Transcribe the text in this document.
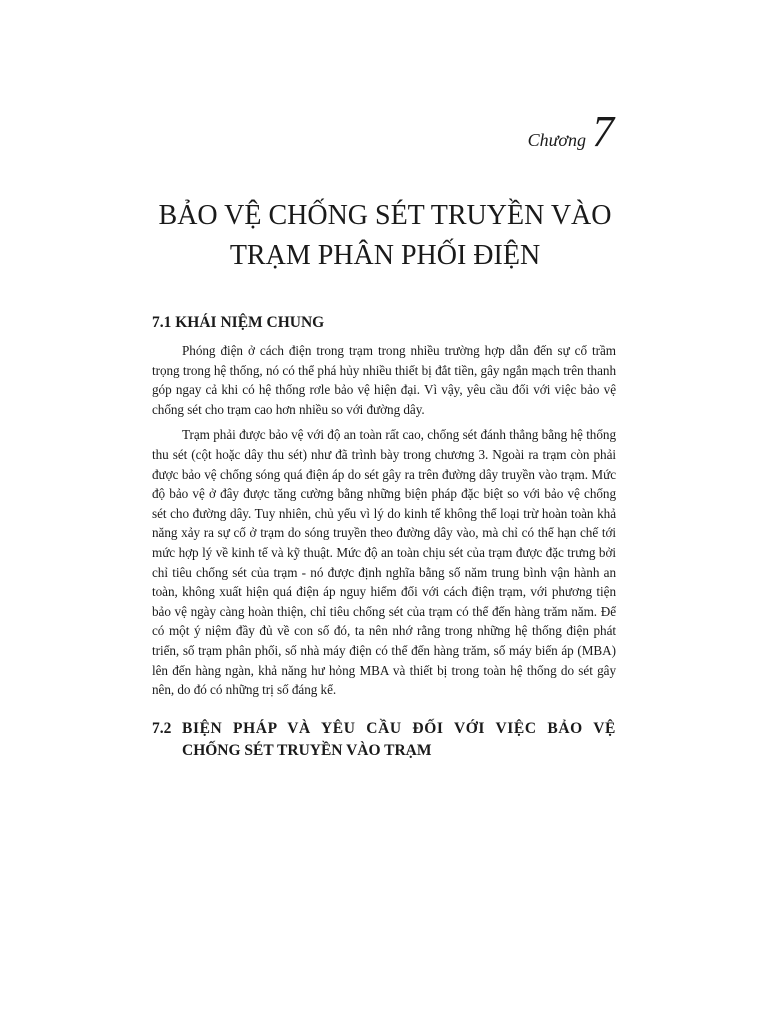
Chương 7
BẢO VỆ CHỐNG SÉT TRUYỀN VÀO
TRẠM PHÂN PHỐI ĐIỆN
7.1 KHÁI NIỆM CHUNG

Phóng điện ở cách điện trong trạm trong nhiều trường hợp dẫn đến sự cố trầm trọng trong hệ thống, nó có thể phá hủy nhiều thiết bị đắt tiền, gây ngắn mạch trên thanh góp ngay cả khi có hệ thống rơle bảo vệ hiện đại. Vì vậy, yêu cầu đối với việc bảo vệ chống sét cho trạm cao hơn nhiều so với đường dây.

Trạm phải được bảo vệ với độ an toàn rất cao, chống sét đánh thẳng bằng hệ thống thu sét (cột hoặc dây thu sét) như đã trình bày trong chương 3. Ngoài ra trạm còn phải được bảo vệ chống sóng quá điện áp do sét gây ra trên đường dây truyền vào trạm. Mức độ bảo vệ ở đây được tăng cường bằng những biện pháp đặc biệt so với bảo vệ chống sét cho đường dây. Tuy nhiên, chủ yếu vì lý do kinh tế không thể loại trừ hoàn toàn khả năng xảy ra sự cố ở trạm do sóng truyền theo đường dây vào, mà chỉ có thể hạn chế tới mức hợp lý về kinh tế và kỹ thuật. Mức độ an toàn chịu sét của trạm được đặc trưng bởi chỉ tiêu chống sét của trạm - nó được định nghĩa bằng số năm trung bình vận hành an toàn, không xuất hiện quá điện áp nguy hiểm đối với cách điện trạm, với phương tiện bảo vệ ngày càng hoàn thiện, chỉ tiêu chống sét của trạm có thể đến hàng trăm năm. Để có một ý niệm đầy đủ về con số đó, ta nên nhớ rằng trong những hệ thống điện phát triển, số trạm phân phối, số nhà máy điện có thể đến hàng trăm, số máy biến áp (MBA) lên đến hàng ngàn, khả năng hư hỏng MBA và thiết bị trong toàn hệ thống do sét gây nên, do đó có những trị số đáng kể.

7.2 BIỆN PHÁP VÀ YÊU CẦU ĐỐI VỚI VIỆC BẢO VỆ
CHỐNG SÉT TRUYỀN VÀO TRẠM
